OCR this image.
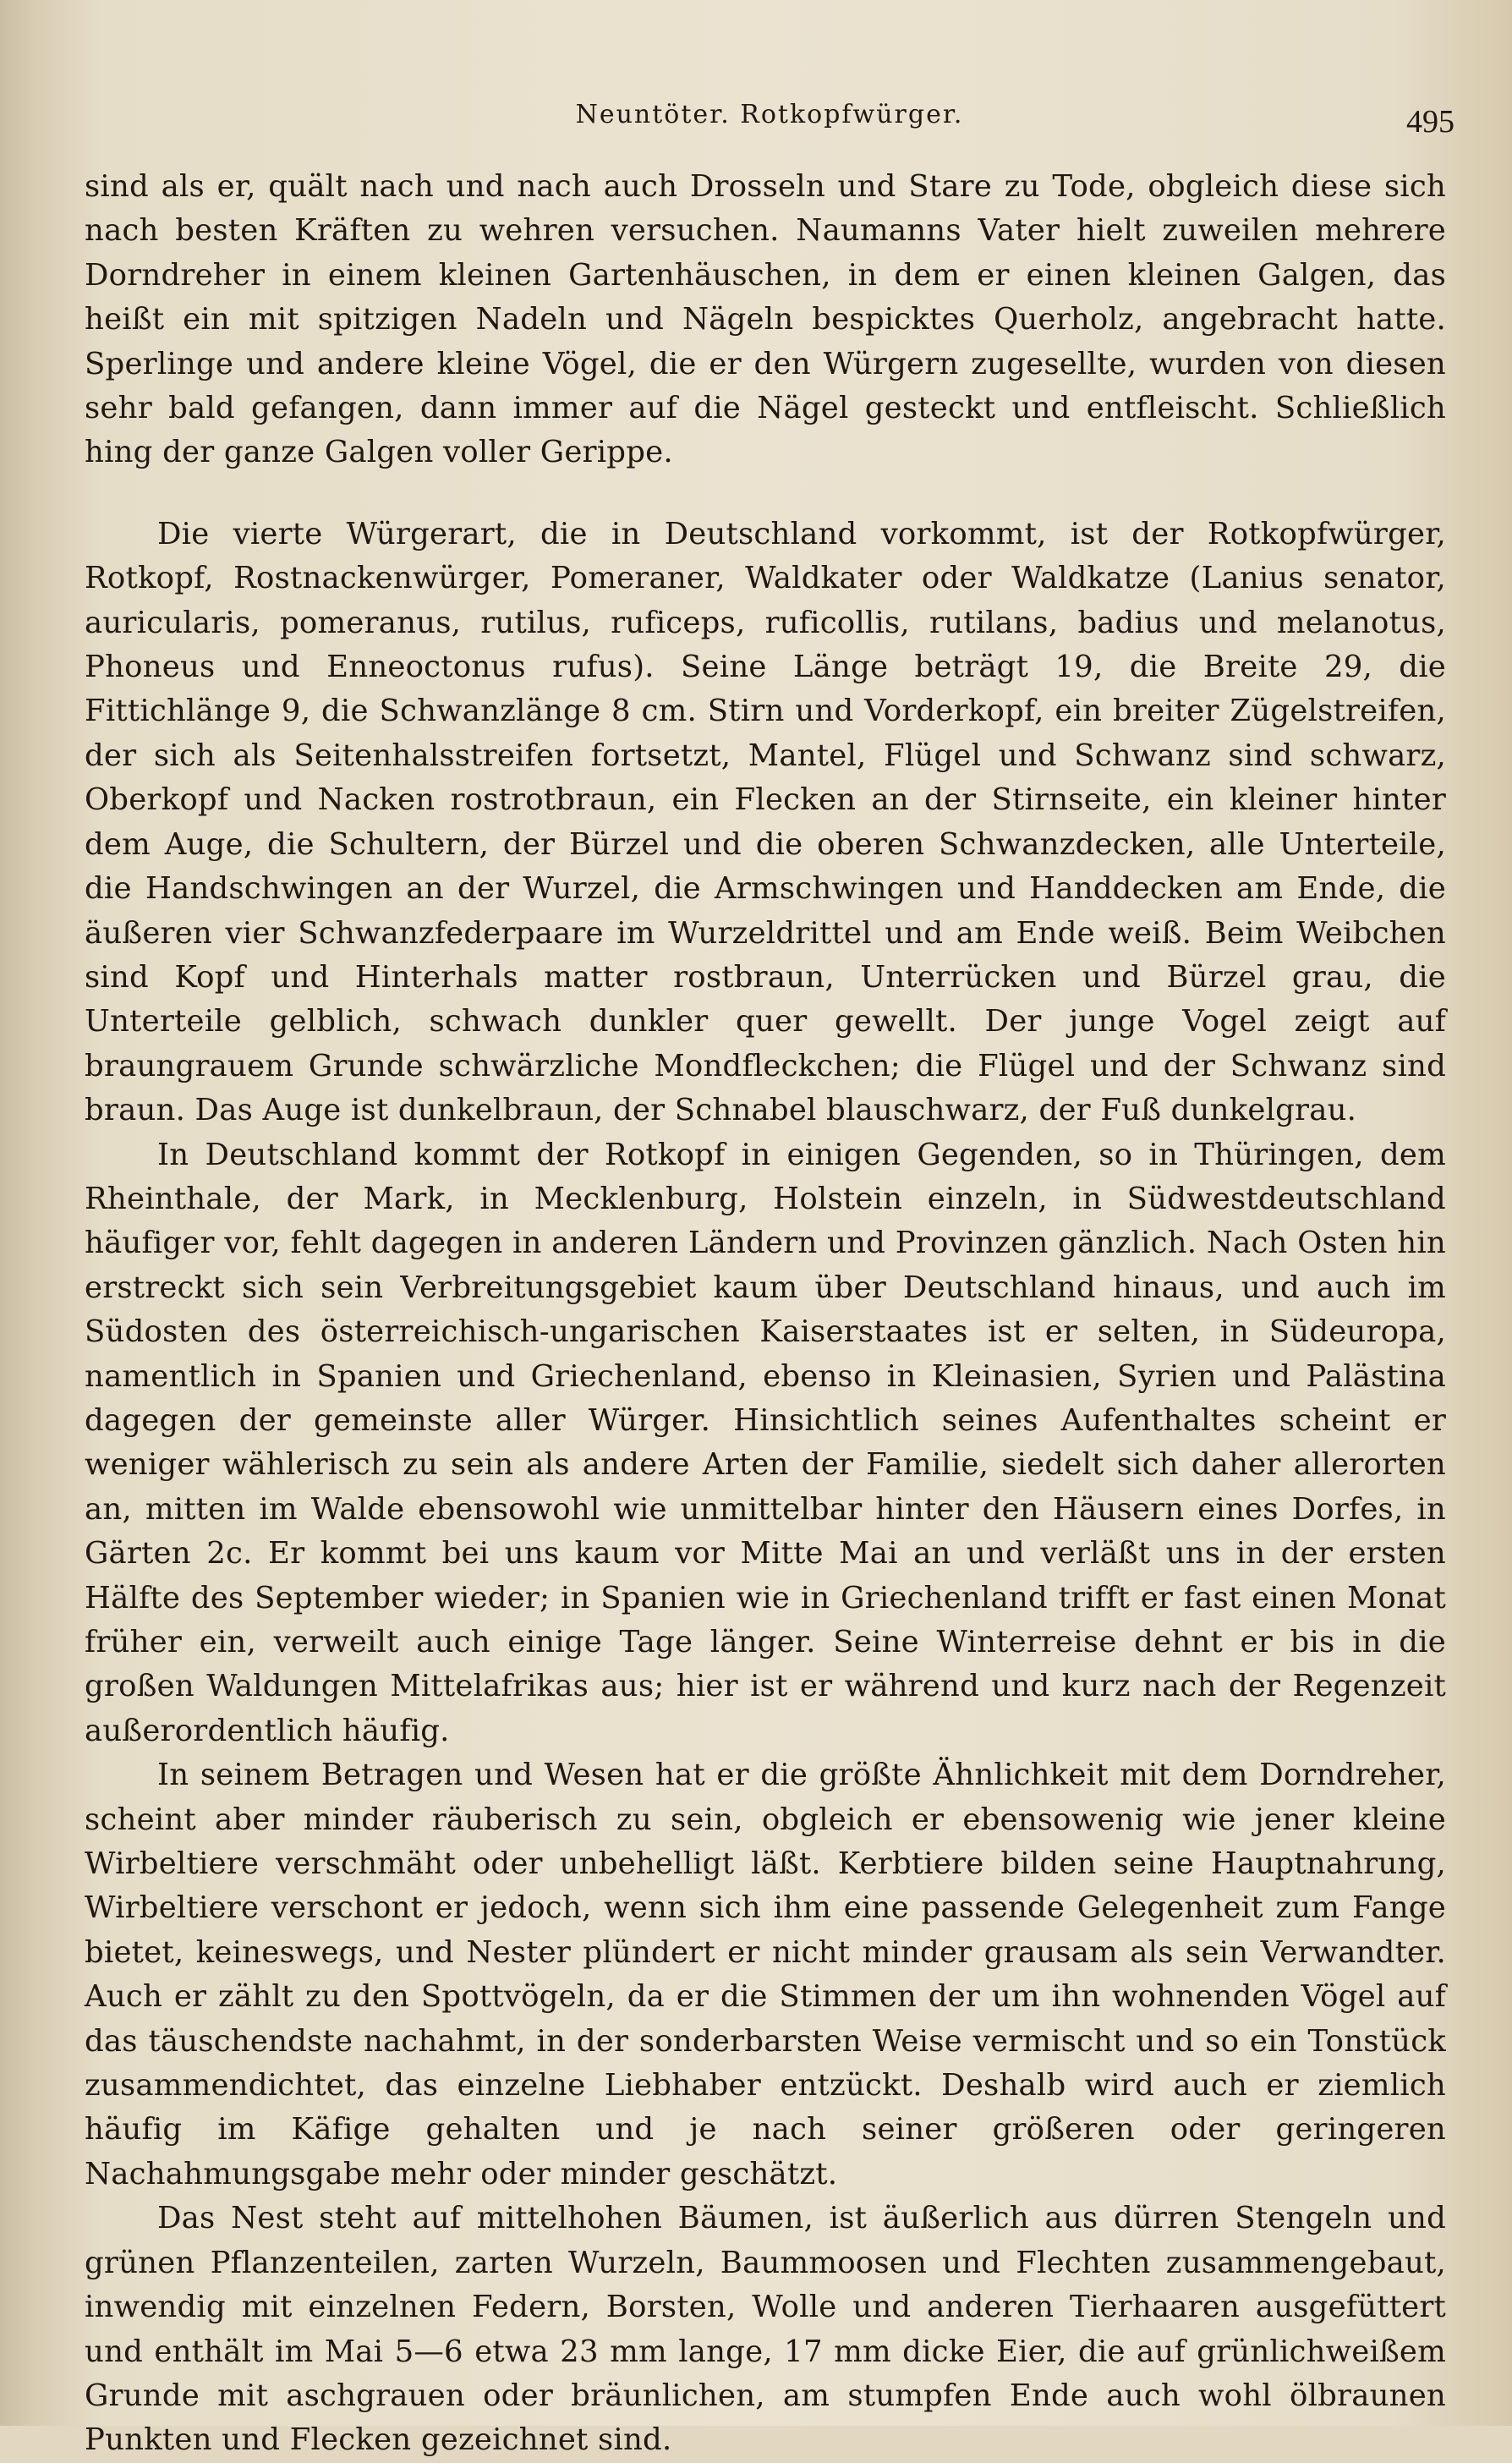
Neuntöter. Rotkopfwürger.	495

sind als er, quält nach und nach auch Drosseln und Stare zu Tode, obgleich diese sich nach besten Kräften zu wehren versuchen. Naumanns Vater hielt zuweilen mehrere Dorndreher in einem kleinen Gartenhäuschen, in dem er einen kleinen Galgen, das heißt ein mit spitzigen Nadeln und Nägeln bespicktes Querholz, angebracht hatte. Sperlinge und andere kleine Vögel, die er den Würgern zugesellte, wurden von diesen sehr bald gefangen, dann immer auf die Nägel gesteckt und entfleischt. Schließlich hing der ganze Galgen voller Gerippe.

Die vierte Würgerart, die in Deutschland vorkommt, ist der Rotkopfwürger, Rotkopf, Rostnackenwürger, Pomeraner, Waldkater oder Waldkatze (Lanius senator, auricularis, pomeranus, rutilus, ruficeps, ruficollis, rutilans, badius und melanotus, Phoneus und Enneoctonus rufus). Seine Länge beträgt 19, die Breite 29, die Fittichlänge 9, die Schwanzlänge 8 cm. Stirn und Vorderkopf, ein breiter Zügelstreifen, der sich als Seitenhalsstreifen fortsetzt, Mantel, Flügel und Schwanz sind schwarz, Oberkopf und Nacken rostrotbraun, ein Flecken an der Stirnseite, ein kleiner hinter dem Auge, die Schultern, der Bürzel und die oberen Schwanzdecken, alle Unterteile, die Handschwingen an der Wurzel, die Armschwingen und Handdecken am Ende, die äußeren vier Schwanzfederpaare im Wurzeldrittel und am Ende weiß. Beim Weibchen sind Kopf und Hinterhals matter rostbraun, Unterrücken und Bürzel grau, die Unterteile gelblich, schwach dunkler quer gewellt. Der junge Vogel zeigt auf braungrauem Grunde schwärzliche Mondfleckchen; die Flügel und der Schwanz sind braun. Das Auge ist dunkelbraun, der Schnabel blauschwarz, der Fuß dunkelgrau.

In Deutschland kommt der Rotkopf in einigen Gegenden, so in Thüringen, dem Rheinthale, der Mark, in Mecklenburg, Holstein einzeln, in Südwestdeutschland häufiger vor, fehlt dagegen in anderen Ländern und Provinzen gänzlich. Nach Osten hin erstreckt sich sein Verbreitungsgebiet kaum über Deutschland hinaus, und auch im Südosten des österreichisch-ungarischen Kaiserstaates ist er selten, in Südeuropa, namentlich in Spanien und Griechenland, ebenso in Kleinasien, Syrien und Palästina dagegen der gemeinste aller Würger. Hinsichtlich seines Aufenthaltes scheint er weniger wählerisch zu sein als andere Arten der Familie, siedelt sich daher allerorten an, mitten im Walde ebensowohl wie unmittelbar hinter den Häusern eines Dorfes, in Gärten 2c. Er kommt bei uns kaum vor Mitte Mai an und verläßt uns in der ersten Hälfte des September wieder; in Spanien wie in Griechenland trifft er fast einen Monat früher ein, verweilt auch einige Tage länger. Seine Winterreise dehnt er bis in die großen Waldungen Mittelafrikas aus; hier ist er während und kurz nach der Regenzeit außerordentlich häufig.

In seinem Betragen und Wesen hat er die größte Ähnlichkeit mit dem Dorndreher, scheint aber minder räuberisch zu sein, obgleich er ebensowenig wie jener kleine Wirbeltiere verschmäht oder unbehelligt läßt. Kerbtiere bilden seine Hauptnahrung, Wirbeltiere verschont er jedoch, wenn sich ihm eine passende Gelegenheit zum Fange bietet, keineswegs, und Nester plündert er nicht minder grausam als sein Verwandter. Auch er zählt zu den Spottvögeln, da er die Stimmen der um ihn wohnenden Vögel auf das täuschendste nachahmt, in der sonderbarsten Weise vermischt und so ein Tonstück zusammendichtet, das einzelne Liebhaber entzückt. Deshalb wird auch er ziemlich häufig im Käfige gehalten und je nach seiner größeren oder geringeren Nachahmungsgabe mehr oder minder geschätzt.

Das Nest steht auf mittelhohen Bäumen, ist äußerlich aus dürren Stengeln und grünen Pflanzenteilen, zarten Wurzeln, Baummoosen und Flechten zusammengebaut, inwendig mit einzelnen Federn, Borsten, Wolle und anderen Tierhaaren ausgefüttert und enthält im Mai 5—6 etwa 23 mm lange, 17 mm dicke Eier, die auf grünlichweißem Grunde mit aschgrauen oder bräunlichen, am stumpfen Ende auch wohl ölbraunen Punkten und Flecken gezeichnet sind.
